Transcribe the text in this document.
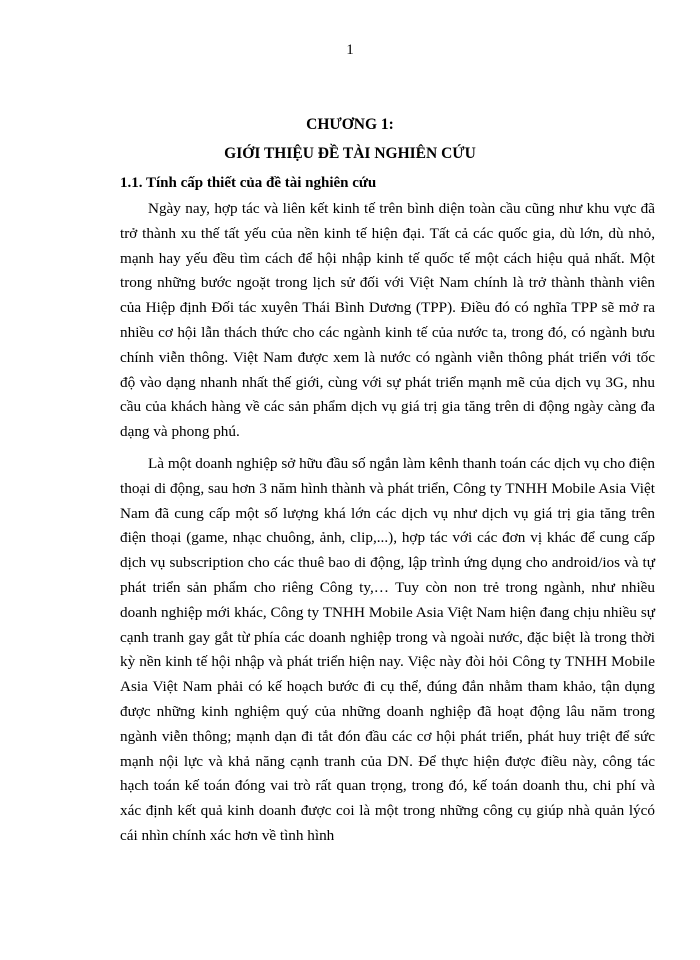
1
CHƯƠNG 1:
GIỚI THIỆU ĐỀ TÀI NGHIÊN CỨU
1.1. Tính cấp thiết của đề tài nghiên cứu

Ngày nay, hợp tác và liên kết kinh tế trên bình diện toàn cầu cũng như khu vực đã trở thành xu thế tất yếu của nền kinh tế hiện đại. Tất cả các quốc gia, dù lớn, dù nhỏ, mạnh hay yếu đều tìm cách để hội nhập kinh tế quốc tế một cách hiệu quả nhất. Một trong những bước ngoặt trong lịch sử đối với Việt Nam chính là trở thành thành viên của Hiệp định Đối tác xuyên Thái Bình Dương (TPP). Điều đó có nghĩa TPP sẽ mở ra nhiều cơ hội lẫn thách thức cho các ngành kinh tế của nước ta, trong đó, có ngành bưu chính viễn thông. Việt Nam được xem là nước có ngành viễn thông phát triển với tốc độ vào dạng nhanh nhất thế giới, cùng với sự phát triển mạnh mẽ của dịch vụ 3G, nhu cầu của khách hàng về các sản phẩm dịch vụ giá trị gia tăng trên di động ngày càng đa dạng và phong phú.

Là một doanh nghiệp sở hữu đầu số ngắn làm kênh thanh toán các dịch vụ cho điện thoại di động, sau hơn 3 năm hình thành và phát triển, Công ty TNHH Mobile Asia Việt Nam đã cung cấp một số lượng khá lớn các dịch vụ như dịch vụ giá trị gia tăng trên điện thoại (game, nhạc chuông, ảnh, clip,...), hợp tác với các đơn vị khác để cung cấp dịch vụ subscription cho các thuê bao di động, lập trình ứng dụng cho android/ios và tự phát triển sản phẩm cho riêng Công ty,… Tuy còn non trẻ trong ngành, như nhiều doanh nghiệp mới khác, Công ty TNHH Mobile Asia Việt Nam hiện đang chịu nhiều sự cạnh tranh gay gắt từ phía các doanh nghiệp trong và ngoài nước, đặc biệt là trong thời kỳ nền kinh tế hội nhập và phát triển hiện nay. Việc này đòi hỏi Công ty TNHH Mobile Asia Việt Nam phải có kế hoạch bước đi cụ thể, đúng đắn nhằm tham khảo, tận dụng được những kinh nghiệm quý của những doanh nghiệp đã hoạt động lâu năm trong ngành viễn thông; mạnh dạn đi tắt đón đầu các cơ hội phát triển, phát huy triệt để sức mạnh nội lực và khả năng cạnh tranh của DN. Để thực hiện được điều này, công tác hạch toán kế toán đóng vai trò rất quan trọng, trong đó, kế toán doanh thu, chi phí và xác định kết quả kinh doanh được coi là một trong những công cụ giúp nhà quản lýcó cái nhìn chính xác hơn về tình hình
